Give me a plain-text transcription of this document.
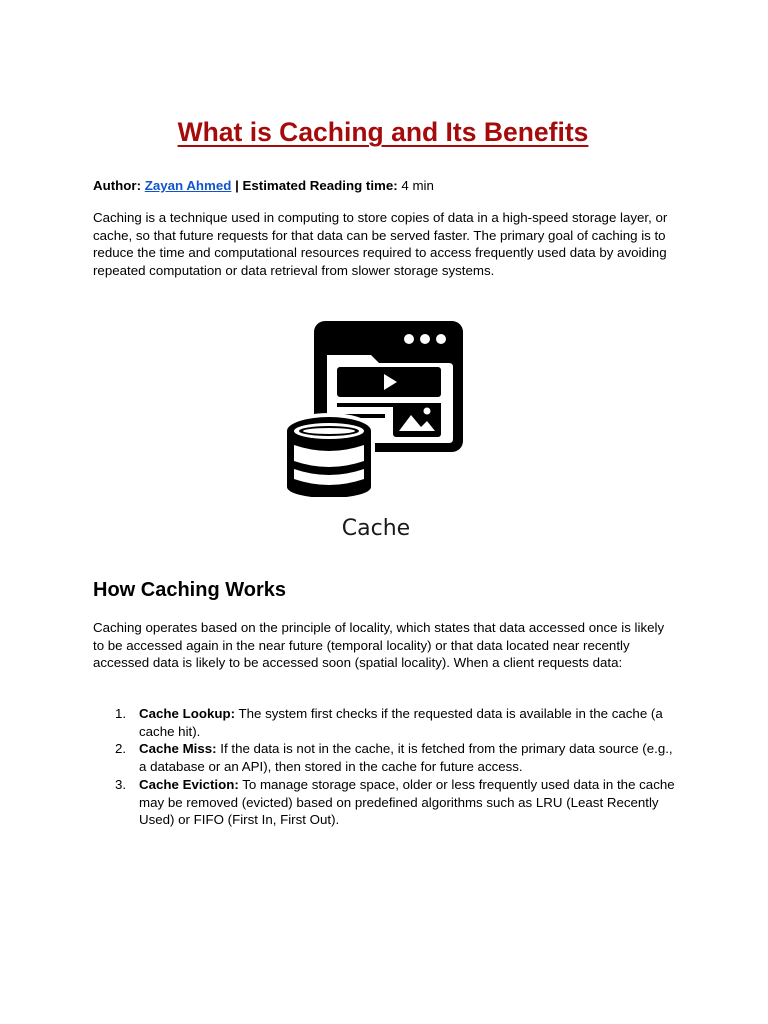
What is Caching and Its Benefits
Author: Zayan Ahmed | Estimated Reading time: 4 min

Caching is a technique used in computing to store copies of data in a high-speed storage layer, or cache, so that future requests for that data can be served faster. The primary goal of caching is to reduce the time and computational resources required to access frequently used data by avoiding repeated computation or data retrieval from slower storage systems.

Cache

How Caching Works

Caching operates based on the principle of locality, which states that data accessed once is likely to be accessed again in the near future (temporal locality) or that data located near recently accessed data is likely to be accessed soon (spatial locality). When a client requests data:

1. Cache Lookup: The system first checks if the requested data is available in the cache (a cache hit).
2. Cache Miss: If the data is not in the cache, it is fetched from the primary data source (e.g., a database or an API), then stored in the cache for future access.
3. Cache Eviction: To manage storage space, older or less frequently used data in the cache may be removed (evicted) based on predefined algorithms such as LRU (Least Recently Used) or FIFO (First In, First Out).
